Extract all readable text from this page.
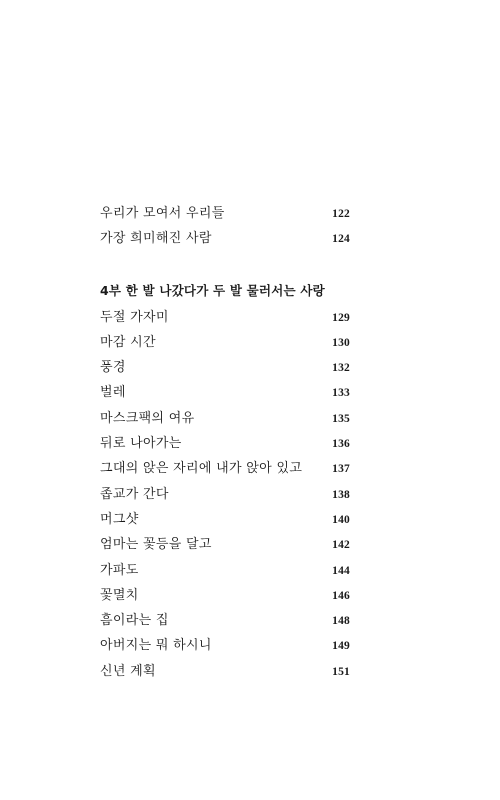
우리가 모여서 우리들	122
가장 희미해진 사람	124
4부 한 발 나갔다가 두 발 물러서는 사랑
두절 가자미	129
마감 시간	130
풍경	132
벌레	133
마스크팩의 여유	135
뒤로 나아가는	136
그대의 앉은 자리에 내가 앉아 있고	137
좁교가 간다	138
머그샷	140
엄마는 꽃등을 달고	142
가파도	144
꽃멸치	146
흠이라는 집	148
아버지는 뭐 하시니	149
신년 계획	151
